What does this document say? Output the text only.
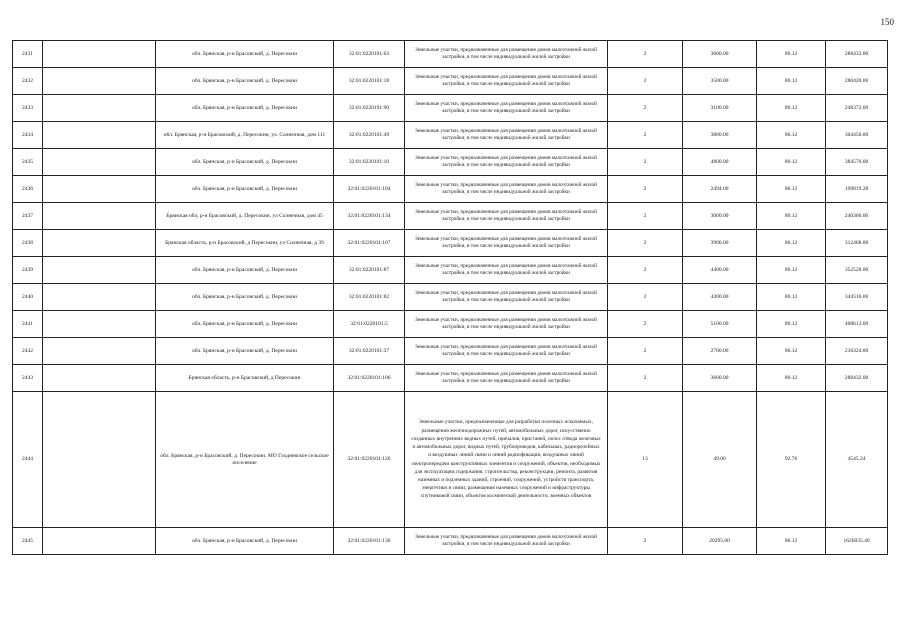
150
2431		обл. Брянская, р-н Брасовский, д. Пересокни	32:01:0220101:63	Земельные участки, предназначенные для размещения домов малоэтажной жилой застройки, в том числе индивидуальной жилой застройки	2	3600.00	80.12	288432.00
2432		обл. Брянская, р-н Брасовский, д. Пересокни	32:01:0220101:18	Земельные участки, предназначенные для размещения домов малоэтажной жилой застройки, в том числе индивидуальной жилой застройки	2	3500.00	80.12	280420.00
2433		обл. Брянская, р-н Брасовский, д. Пересокни	32:01:0220101:90	Земельные участки, предназначенные для размещения домов малоэтажной жилой застройки, в том числе индивидуальной жилой застройки	2	3100.00	80.12	248372.00
2434		обл. Брянская, р-н Брасовский, д. Пересокни, ул. Солнечная, дом 111	32:01:0220101:49	Земельные участки, предназначенные для размещения домов малоэтажной жилой застройки, в том числе индивидуальной жилой застройки	2	3800.00	80.12	304456.00
2435		обл. Брянская, р-н Брасовский, д. Пересокни	32:01:0220101:10	Земельные участки, предназначенные для размещения домов малоэтажной жилой застройки, в том числе индивидуальной жилой застройки	2	4800.00	80.12	384576.00
2436		обл. Брянская, р-н Брасовский, д. Пересокни	32:01:0220101:104	Земельные участки, предназначенные для размещения домов малоэтажной жилой застройки, в том числе индивидуальной жилой застройки	2	2494.00	80.12	199819.28
2437		Брянская обл, р-н Брасовский, д. Пересокни, ул Солнечная, дом 45	32:01:0220101:134	Земельные участки, предназначенные для размещения домов малоэтажной жилой застройки, в том числе индивидуальной жилой застройки	2	3000.00	80.12	240360.00
2438		Брянская область, р-н Брасовский, д Пересокни, ул Солнечная, д 39	32:01:0220101:107	Земельные участки, предназначенные для размещения домов малоэтажной жилой застройки, в том числе индивидуальной жилой застройки	2	3900.00	80.12	312468.00
2439		обл. Брянская, р-н Брасовский, д. Пересокни	32:01:0220101:87	Земельные участки, предназначенные для размещения домов малоэтажной жилой застройки, в том числе индивидуальной жилой застройки	2	4400.00	80.12	352528.00
2440		обл. Брянская, р-н Брасовский, д. Пересокни	32:01:0220101:82	Земельные участки, предназначенные для размещения домов малоэтажной жилой застройки, в том числе индивидуальной жилой застройки	2	4300.00	80.12	344516.00
2441		обл. Брянская, р-н Брасовский, д. Пересокни	32:01:0220101:5	Земельные участки, предназначенные для размещения домов малоэтажной жилой застройки, в том числе индивидуальной жилой застройки	2	5100.00	80.12	408612.00
2442		обл. Брянская, р-н Брасовский, д. Пересокни	32:01:0220101:37	Земельные участки, предназначенные для размещения домов малоэтажной жилой застройки, в том числе индивидуальной жилой застройки	2	2700.00	80.12	216324.00
2443		Брянская область, р-н Брасовский, д Пересокни	32:01:0220101:106	Земельные участки, предназначенные для размещения домов малоэтажной жилой застройки, в том числе индивидуальной жилой застройки	2	3600.00	80.12	288432.00
2444		обл. Брянская, р-н Брасовский, д. Пересокни, МО Глодневское сельское поселение	32:01:0220101:126	Земельные участки, предназначенные для разработки полезных ископаемых, размещения железнодорожных путей, автомобильных дорог, искусственно созданных внутренних водных путей, причалов, пристаней, полос отвода железных и автомобильных дорог, водных путей, трубопроводов, кабельных, радиорелейных и воздушных линий связи и линий радиофикации, воздушных линий электропередачи конструктивных элементов и сооружений, объектов, необходимых для эксплуатации,содержания, строительства, реконструкции, ремонта, развития наземных и подземных зданий, строений, сооружений, устройств транспорта, энергетики и связи; размещения наземных сооружений и инфраструктуры спутниковой связи, объектов космической деятельности, военных объектов	13	49.00	92.76	4545.24
2445		обл. Брянская, р-н Брасовский, д. Пересокни	32:01:0220101:130	Земельные участки, предназначенные для размещения домов малоэтажной жилой застройки, в том числе индивидуальной жилой застройки	2	20295.00	80.12	1626035.40
